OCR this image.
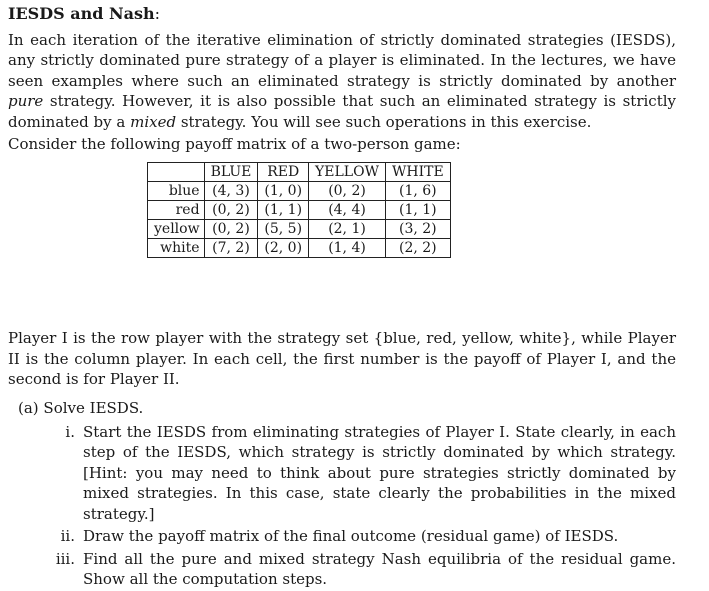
IESDS and Nash:

In each iteration of the iterative elimination of strictly dominated strategies (IESDS), any strictly dominated pure strategy of a player is eliminated. In the lectures, we have seen examples where such an eliminated strategy is strictly dominated by another pure strategy. However, it is also possible that such an eliminated strategy is strictly dominated by a mixed strategy. You will see such operations in this exercise.

Consider the following payoff matrix of a two-person game:

	BLUE	RED	YELLOW	WHITE
blue	(4, 3)	(1, 0)	(0, 2)	(1, 6)
red	(0, 2)	(1, 1)	(4, 4)	(1, 1)
yellow	(0, 2)	(5, 5)	(2, 1)	(3, 2)
white	(7, 2)	(2, 0)	(1, 4)	(2, 2)

Player I is the row player with the strategy set {blue, red, yellow, white}, while Player II is the column player. In each cell, the first number is the payoff of Player I, and the second is for Player II.

(a) Solve IESDS.
i. Start the IESDS from eliminating strategies of Player I. State clearly, in each step of the IESDS, which strategy is strictly dominated by which strategy. [Hint: you may need to think about pure strategies strictly dominated by mixed strategies. In this case, state clearly the probabilities in the mixed strategy.]
ii. Draw the payoff matrix of the final outcome (residual game) of IESDS.
iii. Find all the pure and mixed strategy Nash equilibria of the residual game. Show all the computation steps.
